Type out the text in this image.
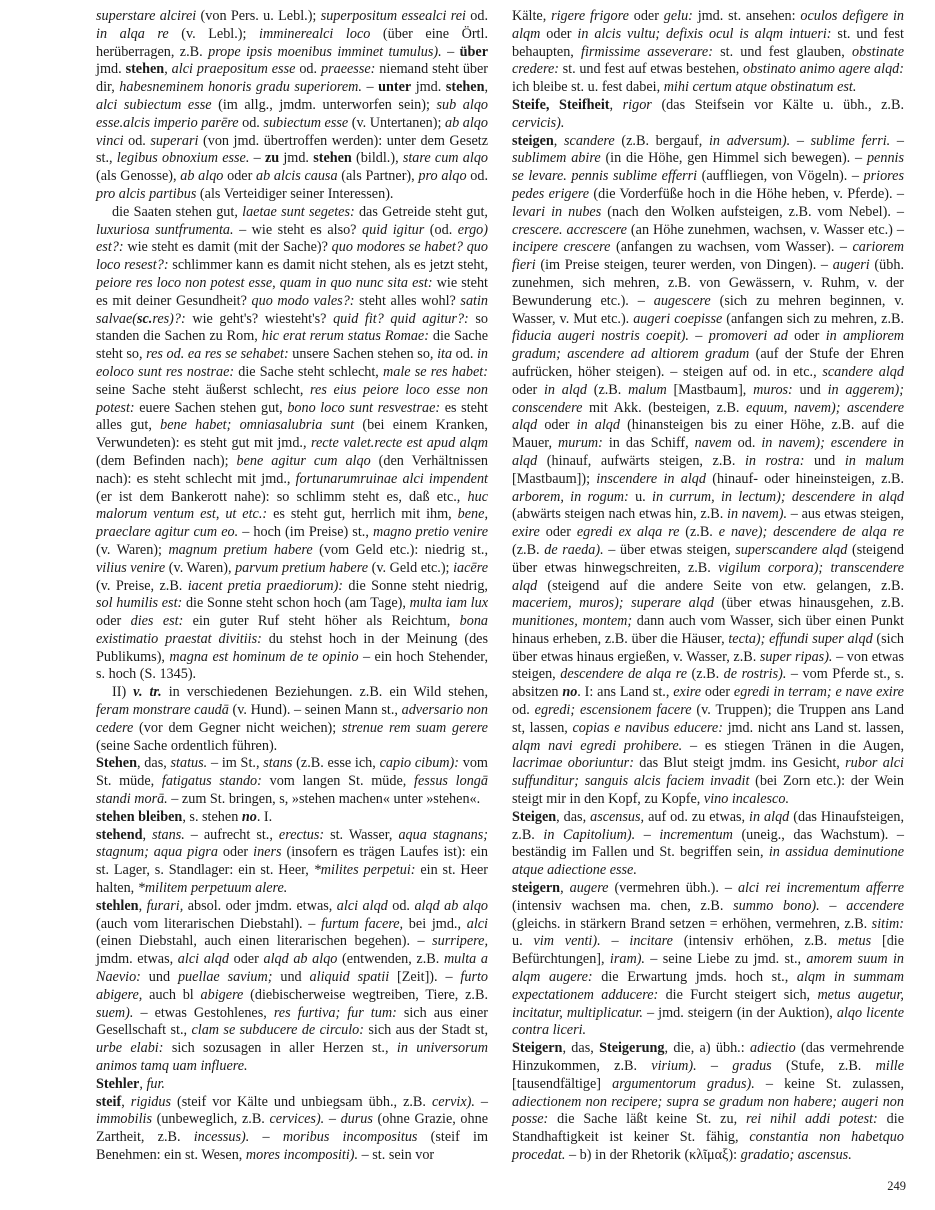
superstare alcirei (von Pers. u. Lebl.); superpositum essealci rei od. in alqa re (v. Lebl.); imminerealci loco (über eine Örtl. herüberragen, z.B. prope ipsis moenibus imminet tumulus). – über jmd. stehen, alci praepositum esse od. praeesse: niemand steht über dir, habesneminem honoris gradu superiorem. – unter jmd. stehen, alci subiectum esse (im allg., jmdm. unterworfen sein); sub alqo esse.alcis imperio parēre od. subiectum esse (v. Untertanen); ab alqo vinci od. superari (von jmd. übertroffen werden): unter dem Gesetz st., legibus obnoxium esse. – zu jmd. stehen (bildl.), stare cum alqo (als Genosse), ab alqo oder ab alcis causa (als Partner), pro alqo od. pro alcis partibus (als Verteidiger seiner Interessen).

die Saaten stehen gut, laetae sunt segetes: das Getreide steht gut, luxuriosa suntfrumenta. – wie steht es also? quid igitur (od. ergo) est?: wie steht es damit (mit der Sache)? quo modores se habet? quo loco resest?: schlimmer kann es damit nicht stehen, als es jetzt steht, peiore res loco non potest esse, quam in quo nunc sita est: wie steht es mit deiner Gesundheit? quo modo vales?: steht alles wohl? satin salvae(sc.res)?: wie geht's? wiesteht's? quid fit? quid agitur?: so standen die Sachen zu Rom, hic erat rerum status Romae: die Sache steht so, res od. ea res se sehabet: unsere Sachen stehen so, ita od. in eoloco sunt res nostrae: die Sache steht schlecht, male se res habet: seine Sache steht äußerst schlecht, res eius peiore loco esse non potest: euere Sachen stehen gut, bono loco sunt resvestrae: es steht alles gut, bene habet; omniasalubria sunt (bei einem Kranken, Verwundeten): es steht gut mit jmd., recte valet.recte est apud alqm (dem Befinden nach); bene agitur cum alqo (den Verhältnissen nach): es steht schlecht mit jmd., fortunarumruinae alci impendent (er ist dem Bankerott nahe): so schlimm steht es, daß etc., huc malorum ventum est, ut etc.: es steht gut, herrlich mit ihm, bene, praeclare agitur cum eo. – hoch (im Preise) st., magno pretio venire (v. Waren); magnum pretium habere (vom Geld etc.): niedrig st., vilius venire (v. Waren), parvum pretium habere (v. Geld etc.); iacēre (v. Preise, z.B. iacent pretia praediorum): die Sonne steht niedrig, sol humilis est: die Sonne steht schon hoch (am Tage), multa iam lux oder dies est: ein guter Ruf steht höher als Reichtum, bona existimatio praestat divitiis: du stehst hoch in der Meinung (des Publikums), magna est hominum de te opinio – ein hoch Stehender, s. hoch (S. 1345).

II) v. tr. in verschiedenen Beziehungen. z.B. ein Wild stehen, feram monstrare caudā (v. Hund). – seinen Mann st., adversario non cedere (vor dem Gegner nicht weichen); strenue rem suam gerere (seine Sache ordentlich führen).

Stehen, das, status. – im St., stans (z.B. esse ich, capio cibum): vom St. müde, fatigatus stando: vom langen St. müde, fessus longā standi morā. – zum St. bringen, s, »stehen machen« unter »stehen«.

stehen bleiben, s. stehen no. I.

stehend, stans. – aufrecht st., erectus: st. Wasser, aqua stagnans; stagnum; aqua pigra oder iners (insofern es trägen Laufes ist): ein st. Lager, s. Standlager: ein st. Heer, *milites perpetui: ein st. Heer halten, *militem perpetuum alere.

stehlen, furari, absol. oder jmdm. etwas, alci alqd od. alqd ab alqo (auch vom literarischen Diebstahl). – furtum facere, bei jmd., alci (einen Diebstahl, auch einen literarischen begehen). – surripere, jmdm. etwas, alci alqd oder alqd ab alqo (entwenden, z.B. multa a Naevio: und puellae savium; und aliquid spatii [Zeit]). – furto abigere, auch bl abigere (diebischerweise wegtreiben, Tiere, z.B. suem). – etwas Gestohlenes, res furtiva; fur tum: sich aus einer Gesellschaft st., clam se subducere de circulo: sich aus der Stadt st, urbe elabi: sich sozusagen in aller Herzen st., in universorum animos tamq uam influere.

Stehler, fur.

steif, rigidus (steif vor Kälte und unbiegsam übh., z.B. cervix). – immobilis (unbeweglich, z.B. cervices). – durus (ohne Grazie, ohne Zartheit, z.B. incessus). – moribus incompositus (steif im Benehmen: ein st. Wesen, mores incompositi). – st. sein vor

Kälte, rigere frigore oder gelu: jmd. st. ansehen: oculos defigere in alqm oder in alcis vultu; defixis ocul is alqm intueri: st. und fest behaupten, firmissime asseverare: st. und fest glauben, obstinate credere: st. und fest auf etwas bestehen, obstinato animo agere alqd: ich bleibe st. u. fest dabei, mihi certum atque obstinatum est.

Steife, Steifheit, rigor (das Steifsein vor Kälte u. übh., z.B. cervicis).

steigen, scandere (z.B. bergauf, in adversum). – sublime ferri. – sublimem abire (in die Höhe, gen Himmel sich bewegen). – pennis se levare. pennis sublime efferri (auffliegen, von Vögeln). – priores pedes erigere (die Vorderfüße hoch in die Höhe heben, v. Pferde). – levari in nubes (nach den Wolken aufsteigen, z.B. vom Nebel). – crescere. accrescere (an Höhe zunehmen, wachsen, v. Wasser etc.) – incipere crescere (anfangen zu wachsen, vom Wasser). – cariorem fieri (im Preise steigen, teurer werden, von Dingen). – augeri (übh. zunehmen, sich mehren, z.B. von Gewässern, v. Ruhm, v. der Bewunderung etc.). – augescere (sich zu mehren beginnen, v. Wasser, v. Mut etc.). augeri coepisse (anfangen sich zu mehren, z.B. fiducia augeri nostris coepit). – promoveri ad oder in ampliorem gradum; ascendere ad altiorem gradum (auf der Stufe der Ehren aufrücken, höher steigen). – steigen auf od. in etc., scandere alqd oder in alqd (z.B. malum [Mastbaum], muros: und in aggerem); conscendere mit Akk. (besteigen, z.B. equum, navem); ascendere alqd oder in alqd (hinansteigen bis zu einer Höhe, z.B. auf die Mauer, murum: in das Schiff, navem od. in navem); escendere in alqd (hinauf, aufwärts steigen, z.B. in rostra: und in malum [Mastbaum]); inscendere in alqd (hinauf- oder hineinsteigen, z.B. arborem, in rogum: u. in currum, in lectum); descendere in alqd (abwärts steigen nach etwas hin, z.B. in navem). – aus etwas steigen, exire oder egredi ex alqa re (z.B. e nave); descendere de alqa re (z.B. de raeda). – über etwas steigen, superscandere alqd (steigend über etwas hinwegschreiten, z.B. vigilum corpora); transcendere alqd (steigend auf die andere Seite von etw. gelangen, z.B. maceriem, muros); superare alqd (über etwas hinausgehen, z.B. munitiones, montem; dann auch vom Wasser, sich über einen Punkt hinaus erheben, z.B. über die Häuser, tecta); effundi super alqd (sich über etwas hinaus ergießen, v. Wasser, z.B. super ripas). – von etwas steigen, descendere de alqa re (z.B. de rostris). – vom Pferde st., s. absitzen no. I: ans Land st., exire oder egredi in terram; e nave exire od. egredi; escensionem facere (v. Truppen); die Truppen ans Land st, lassen, copias e navibus educere: jmd. nicht ans Land st. lassen, alqm navi egredi prohibere. – es stiegen Tränen in die Augen, lacrimae oboriuntur: das Blut steigt jmdm. ins Gesicht, rubor alci suffunditur; sanguis alcis faciem invadit (bei Zorn etc.): der Wein steigt mir in den Kopf, zu Kopfe, vino incalesco.

Steigen, das, ascensus, auf od. zu etwas, in alqd (das Hinaufsteigen, z.B. in Capitolium). – incrementum (uneig., das Wachstum). – beständig im Fallen und St. begriffen sein, in assidua deminutione atque adiectione esse.

steigern, augere (vermehren übh.). – alci rei incrementum afferre (intensiv wachsen ma. chen, z.B. summo bono). – accendere (gleichs. in stärkern Brand setzen = erhöhen, vermehren, z.B. sitim: u. vim venti). – incitare (intensiv erhöhen, z.B. metus [die Befürchtungen], iram). – seine Liebe zu jmd. st., amorem suum in alqm augere: die Erwartung jmds. hoch st., alqm in summam expectationem adducere: die Furcht steigert sich, metus augetur, incitatur, multiplicatur. – jmd. steigern (in der Auktion), alqo licente contra liceri.

Steigern, das, Steigerung, die, a) übh.: adiectio (das vermehrende Hinzukommen, z.B. virium). – gradus (Stufe, z.B. mille [tausendfältige] argumentorum gradus). – keine St. zulassen, adiectionem non recipere; supra se gradum non habere; augeri non posse: die Sache läßt keine St. zu, rei nihil addi potest: die Standhaftigkeit ist keiner St. fähig, constantia non habetquo procedat. – b) in der Rhetorik (κλῖμαξ): gradatio; ascensus.

249
